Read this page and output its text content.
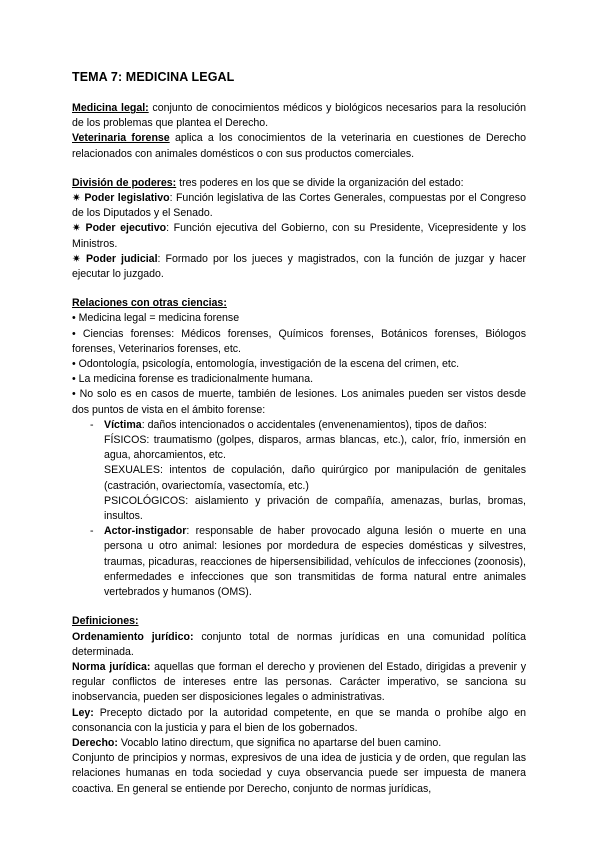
TEMA 7: MEDICINA LEGAL

Medicina legal: conjunto de conocimientos médicos y biológicos necesarios para la resolución de los problemas que plantea el Derecho.

Veterinaria forense aplica a los conocimientos de la veterinaria en cuestiones de Derecho relacionados con animales domésticos o con sus productos comerciales.

División de poderes: tres poderes en los que se divide la organización del estado:

✷ Poder legislativo: Función legislativa de las Cortes Generales, compuestas por el Congreso de los Diputados y el Senado.

✷ Poder ejecutivo: Función ejecutiva del Gobierno, con su Presidente, Vicepresidente y los Ministros.

✷ Poder judicial: Formado por los jueces y magistrados, con la función de juzgar y hacer ejecutar lo juzgado.

Relaciones con otras ciencias:

• Medicina legal = medicina forense

• Ciencias forenses: Médicos forenses, Químicos forenses, Botánicos forenses, Biólogos forenses, Veterinarios forenses, etc.

• Odontología, psicología, entomología, investigación de la escena del crimen, etc.

• La medicina forense es tradicionalmente humana.

• No solo es en casos de muerte, también de lesiones. Los animales pueden ser vistos desde dos puntos de vista en el ámbito forense:

- Víctima: daños intencionados o accidentales (envenenamientos), tipos de daños:
FÍSICOS: traumatismo (golpes, disparos, armas blancas, etc.), calor, frío, inmersión en agua, ahorcamientos, etc.
SEXUALES: intentos de copulación, daño quirúrgico por manipulación de genitales (castración, ovariectomía, vasectomía, etc.)
PSICOLÓGICOS: aislamiento y privación de compañía, amenazas, burlas, bromas, insultos.
- Actor-instigador: responsable de haber provocado alguna lesión o muerte en una persona u otro animal: lesiones por mordedura de especies domésticas y silvestres, traumas, picaduras, reacciones de hipersensibilidad, vehículos de infecciones (zoonosis), enfermedades e infecciones que son transmitidas de forma natural entre animales vertebrados y humanos (OMS).

Definiciones:

Ordenamiento jurídico: conjunto total de normas jurídicas en una comunidad política determinada.

Norma jurídica: aquellas que forman el derecho y provienen del Estado, dirigidas a prevenir y regular conflictos de intereses entre las personas. Carácter imperativo, se sanciona su inobservancia, pueden ser disposiciones legales o administrativas.

Ley: Precepto dictado por la autoridad competente, en que se manda o prohíbe algo en consonancia con la justicia y para el bien de los gobernados.

Derecho: Vocablo latino directum, que significa no apartarse del buen camino.

Conjunto de principios y normas, expresivos de una idea de justicia y de orden, que regulan las relaciones humanas en toda sociedad y cuya observancia puede ser impuesta de manera coactiva. En general se entiende por Derecho, conjunto de normas jurídicas,
